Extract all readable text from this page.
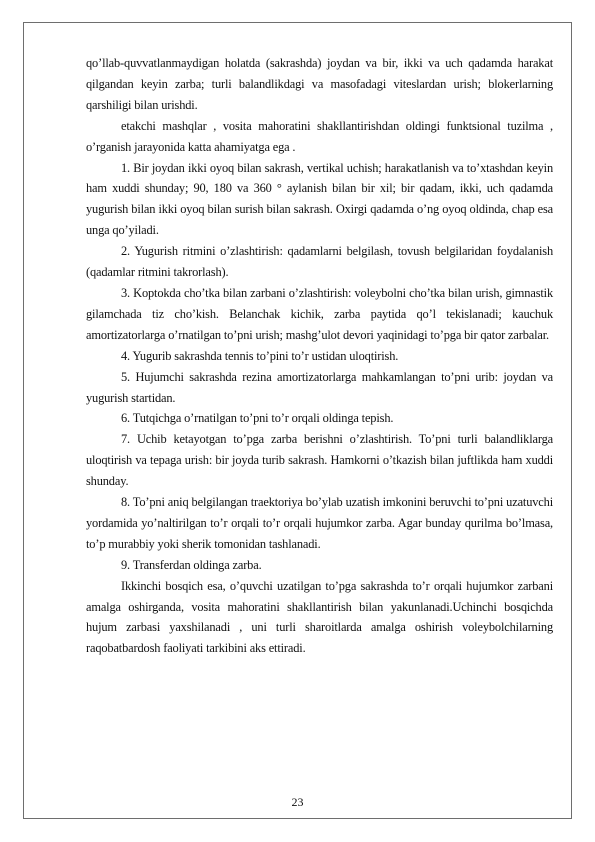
qo’llab-quvvatlanmaydigan holatda (sakrashda) joydan va bir, ikki va uch qadamda harakat qilgandan keyin zarba; turli balandlikdagi va masofadagi viteslardan urish; blokerlarning qarshiligi bilan urishdi.

etakchi mashqlar , vosita mahoratini shakllantirishdan oldingi funktsional tuzilma , o’rganish jarayonida katta ahamiyatga ega .

1. Bir joydan ikki oyoq bilan sakrash, vertikal uchish; harakatlanish va to’xtashdan keyin ham xuddi shunday; 90, 180 va 360 ° aylanish bilan bir xil; bir qadam, ikki, uch qadamda yugurish bilan ikki oyoq bilan surish bilan sakrash. Oxirgi qadamda o’ng oyoq oldinda, chap esa unga qo’yiladi.

2. Yugurish ritmini o’zlashtirish: qadamlarni belgilash, tovush belgilaridan foydalanish (qadamlar ritmini takrorlash).

3. Koptokda cho’tka bilan zarbani o’zlashtirish: voleybolni cho’tka bilan urish, gimnastik gilamchada tiz cho’kish. Belanchak kichik, zarba paytida qo’l tekislanadi; kauchuk amortizatorlarga o’rnatilgan to’pni urish; mashg’ulot devori yaqinidagi to’pga bir qator zarbalar.

4. Yugurib sakrashda tennis to’pini to’r ustidan uloqtirish.

5. Hujumchi sakrashda rezina amortizatorlarga mahkamlangan to’pni urib: joydan va yugurish startidan.

6. Tutqichga o’rnatilgan to’pni to’r orqali oldinga tepish.

7. Uchib ketayotgan to’pga zarba berishni o’zlashtirish. To’pni turli balandliklarga uloqtirish va tepaga urish: bir joyda turib sakrash. Hamkorni o’tkazish bilan juftlikda ham xuddi shunday.

8. To’pni aniq belgilangan traektoriya bo’ylab uzatish imkonini beruvchi to’pni uzatuvchi yordamida yo’naltirilgan to’r orqali to’r orqali hujumkor zarba. Agar bunday qurilma bo’lmasa, to’p murabbiy yoki sherik tomonidan tashlanadi.

9. Transferdan oldinga zarba.

Ikkinchi bosqich esa, o’quvchi uzatilgan to’pga sakrashda to’r orqali hujumkor zarbani amalga oshirganda, vosita mahoratini shakllantirish bilan yakunlanadi.Uchinchi bosqichda hujum zarbasi yaxshilanadi , uni turli sharoitlarda amalga oshirish voleybolchilarning raqobatbardosh faoliyati tarkibini aks ettiradi.

23
